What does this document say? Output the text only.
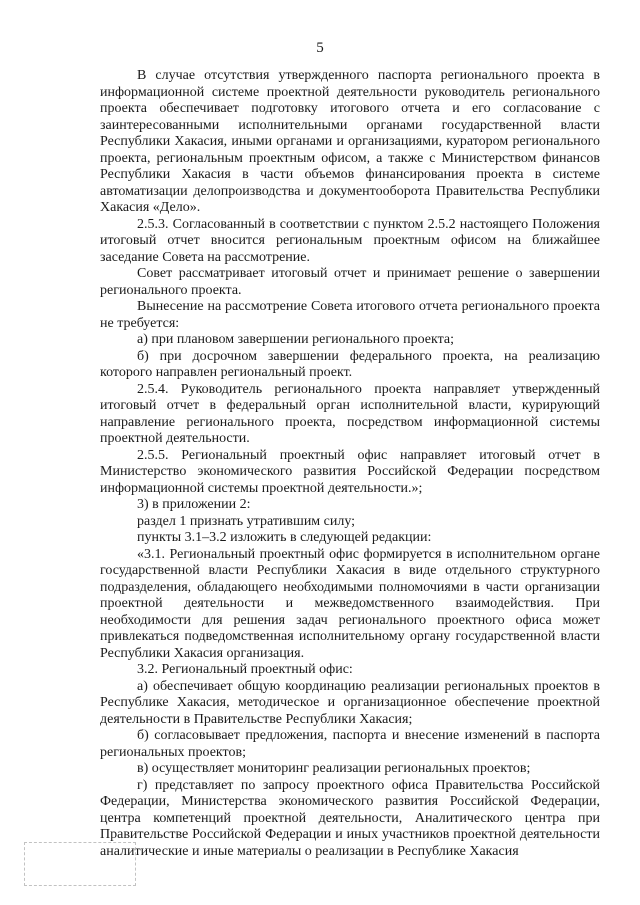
5

В случае отсутствия утвержденного паспорта регионального проекта в информационной системе проектной деятельности руководитель регионального проекта обеспечивает подготовку итогового отчета и его согласование с заинтересованными исполнительными органами государственной власти Республики Хакасия, иными органами и организациями, куратором регионального проекта, региональным проектным офисом, а также с Министерством финансов Республики Хакасия в части объемов финансирования проекта в системе автоматизации делопроизводства и документооборота Правительства Республики Хакасия «Дело».

2.5.3. Согласованный в соответствии с пунктом 2.5.2 настоящего Положения итоговый отчет вносится региональным проектным офисом на ближайшее заседание Совета на рассмотрение.

Совет рассматривает итоговый отчет и принимает решение о завершении регионального проекта.

Вынесение на рассмотрение Совета итогового отчета регионального проекта не требуется:

а) при плановом завершении регионального проекта;

б) при досрочном завершении федерального проекта, на реализацию которого направлен региональный проект.

2.5.4. Руководитель регионального проекта направляет утвержденный итоговый отчет в федеральный орган исполнительной власти, курирующий направление регионального проекта, посредством информационной системы проектной деятельности.

2.5.5. Региональный проектный офис направляет итоговый отчет в Министерство экономического развития Российской Федерации посредством информационной системы проектной деятельности.»;

3) в приложении 2:

раздел 1 признать утратившим силу;

пункты 3.1–3.2 изложить в следующей редакции:

«3.1. Региональный проектный офис формируется в исполнительном органе государственной власти Республики Хакасия в виде отдельного структурного подразделения, обладающего необходимыми полномочиями в части организации проектной деятельности и межведомственного взаимодействия. При необходимости для решения задач регионального проектного офиса может привлекаться подведомственная исполнительному органу государственной власти Республики Хакасия организация.

3.2. Региональный проектный офис:

а) обеспечивает общую координацию реализации региональных проектов в Республике Хакасия, методическое и организационное обеспечение проектной деятельности в Правительстве Республики Хакасия;

б) согласовывает предложения, паспорта и внесение изменений в паспорта региональных проектов;

в) осуществляет мониторинг реализации региональных проектов;

г) представляет по запросу проектного офиса Правительства Российской Федерации, Министерства экономического развития Российской Федерации, центра компетенций проектной деятельности, Аналитического центра при Правительстве Российской Федерации и иных участников проектной деятельности аналитические и иные материалы о реализации в Республике Хакасия
